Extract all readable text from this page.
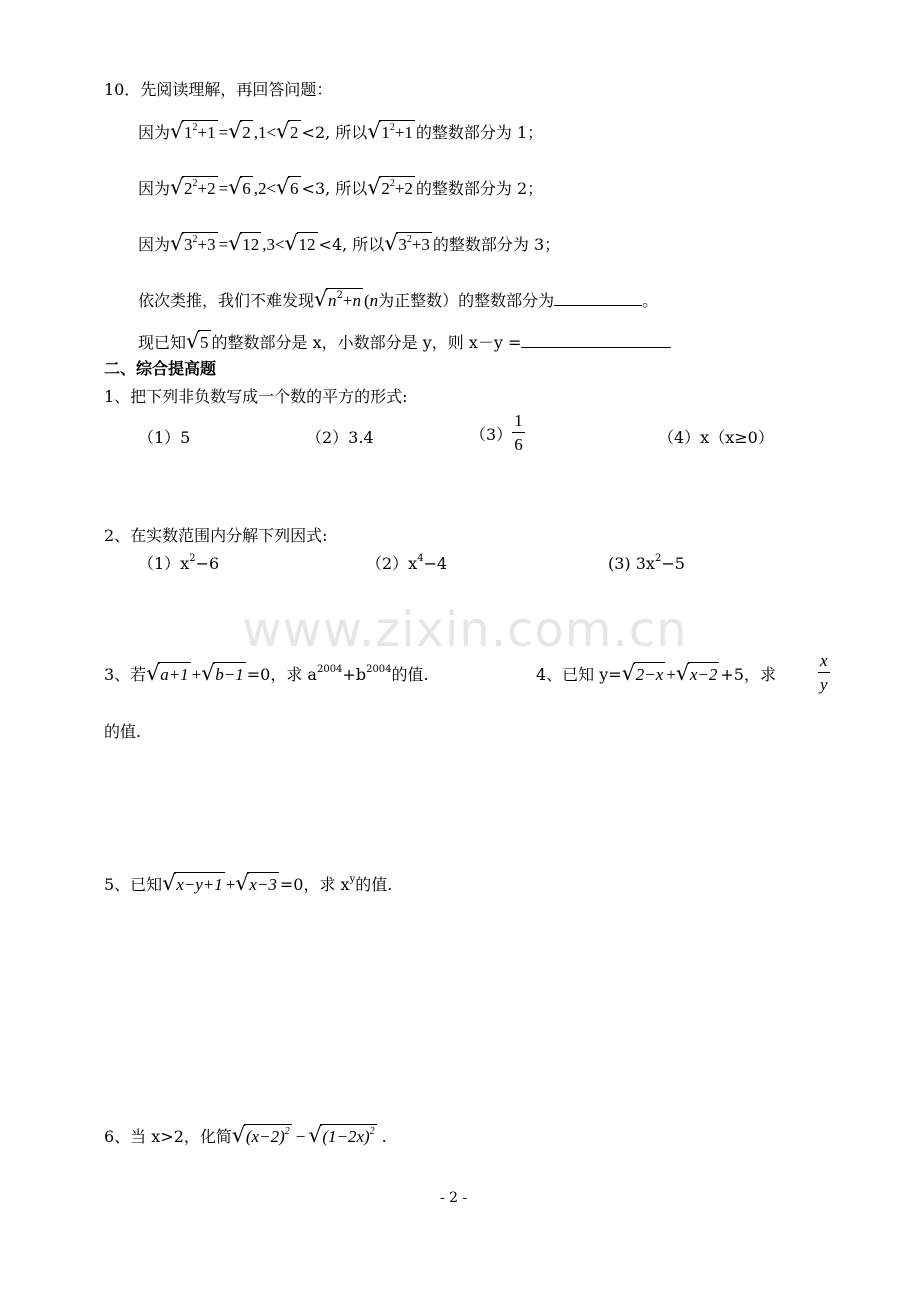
www.zixin.com.cn
10．先阅读理解，再回答问题：
因为 √ $1^2+1$ = √ 2 ,1< √ 2 <2, 所以 √ $1^2+1$ 的整数部分为 1；
因为 √ $2^2+2$ = √ 6 ,2< √ 6 <3, 所以 √ $2^2+2$ 的整数部分为 2；
因为 √ $3^2+3$ = √ 12 ,3< √ 12 <4, 所以 √ $3^2+3$ 的整数部分为 3；
依次类推，我们不难发现 √ $n^2+n$ (n为正整数）的整数部分为	。
现已知 √ 5 的整数部分是 x，小数部分是 y，则 x－y =
二、综合提高题
1、把下列非负数写成一个数的平方的形式:
（1）5	（2）3.4	$(3) \frac{1}{6}$	（4）x（x≥0）
2、在实数范围内分解下列因式:
$(1)x^2-6$	$(2)x^4-4$	(3) $3x^2-5$
3、若 √ a+1 + √ b−1 =0，求 $a^{2004}+b^{2004}$的值.	4、已知 y= √ 2−x + √ x−2 +5，求 $\frac{x}{y}$
的值.
5、已知 √ x−y+1 + √ x−3 =0，求 $x^y$的值.
6、当 x>2，化简 √ $(x-2)^2$ − √ $(1-2x)^2$ .
- 2 -
